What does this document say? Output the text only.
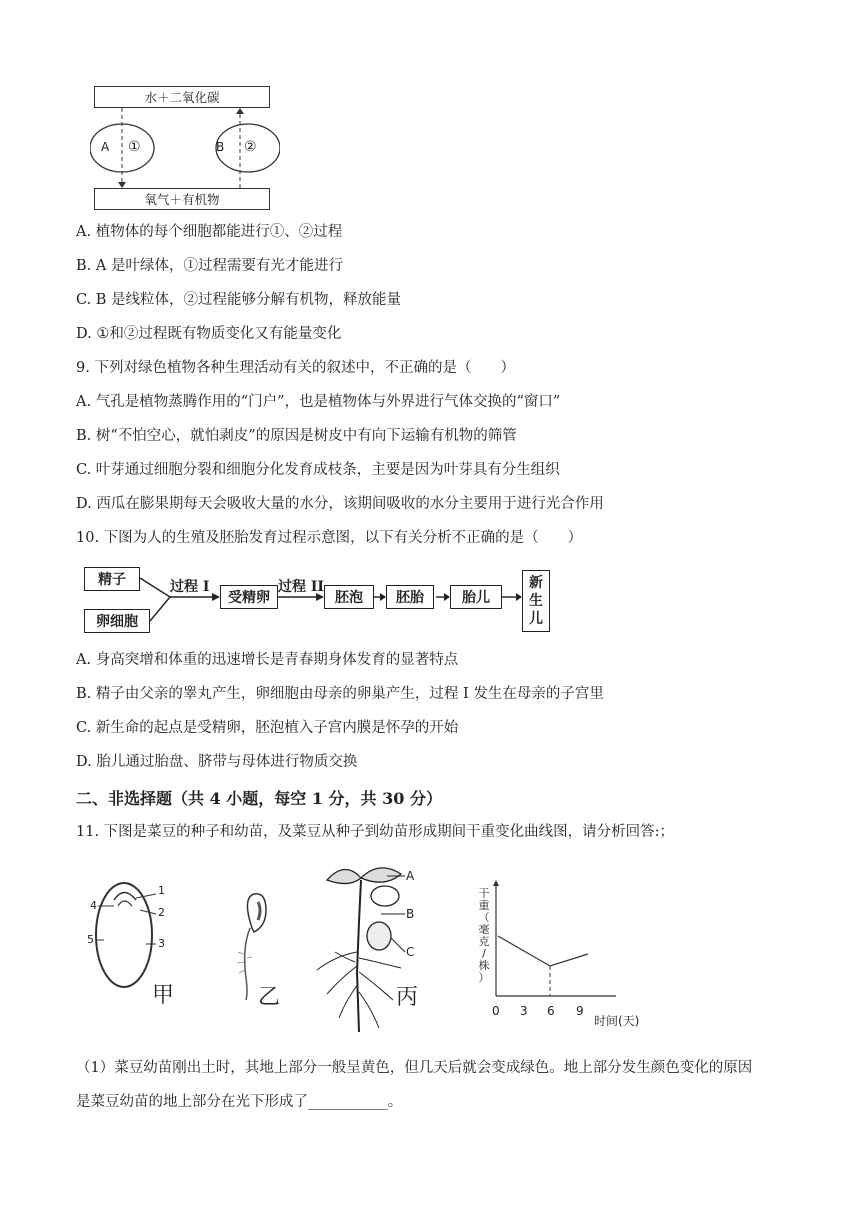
水＋二氧化碳
氧气＋有机物
A ①	B ②
A. 植物体的每个细胞都能进行①、②过程
B. A 是叶绿体，①过程需要有光才能进行
C. B 是线粒体，②过程能够分解有机物，释放能量
D. ①和②过程既有物质变化又有能量变化
9. 下列对绿色植物各种生理活动有关的叙述中，不正确的是（　　）
A. 气孔是植物蒸腾作用的“门户”，也是植物体与外界进行气体交换的“窗口”
B. 树“不怕空心，就怕剥皮”的原因是树皮中有向下运输有机物的筛管
C. 叶芽通过细胞分裂和细胞分化发育成枝条，主要是因为叶芽具有分生组织
D. 西瓜在膨果期每天会吸收大量的水分，该期间吸收的水分主要用于进行光合作用
10. 下图为人的生殖及胚胎发育过程示意图，以下有关分析不正确的是（　　）
精子
卵细胞
过程 I
受精卵
过程 II
胚泡	胚胎	胎儿
新
生
儿
A. 身高突增和体重的迅速增长是青春期身体发育的显著特点
B. 精子由父亲的睾丸产生，卵细胞由母亲的卵巢产生，过程 I 发生在母亲的子宫里
C. 新生命的起点是受精卵，胚泡植入子宫内膜是怀孕的开始
D. 胎儿通过胎盘、脐带与母体进行物质交换
二、非选择题（共 4 小题，每空 1 分，共 30 分）
11. 下图是菜豆的种子和幼苗，及菜豆从种子到幼苗形成期间干重变化曲线图，请分析回答:；
1
2
3
4
5
甲	乙
A
B
C
丙
干
重
（
毫
克
/
株
）
0 3 6 9
时间(天)
（1）菜豆幼苗刚出土时，其地上部分一般呈黄色，但几天后就会变成绿色。地上部分发生颜色变化的原因
是菜豆幼苗的地上部分在光下形成了___________。
